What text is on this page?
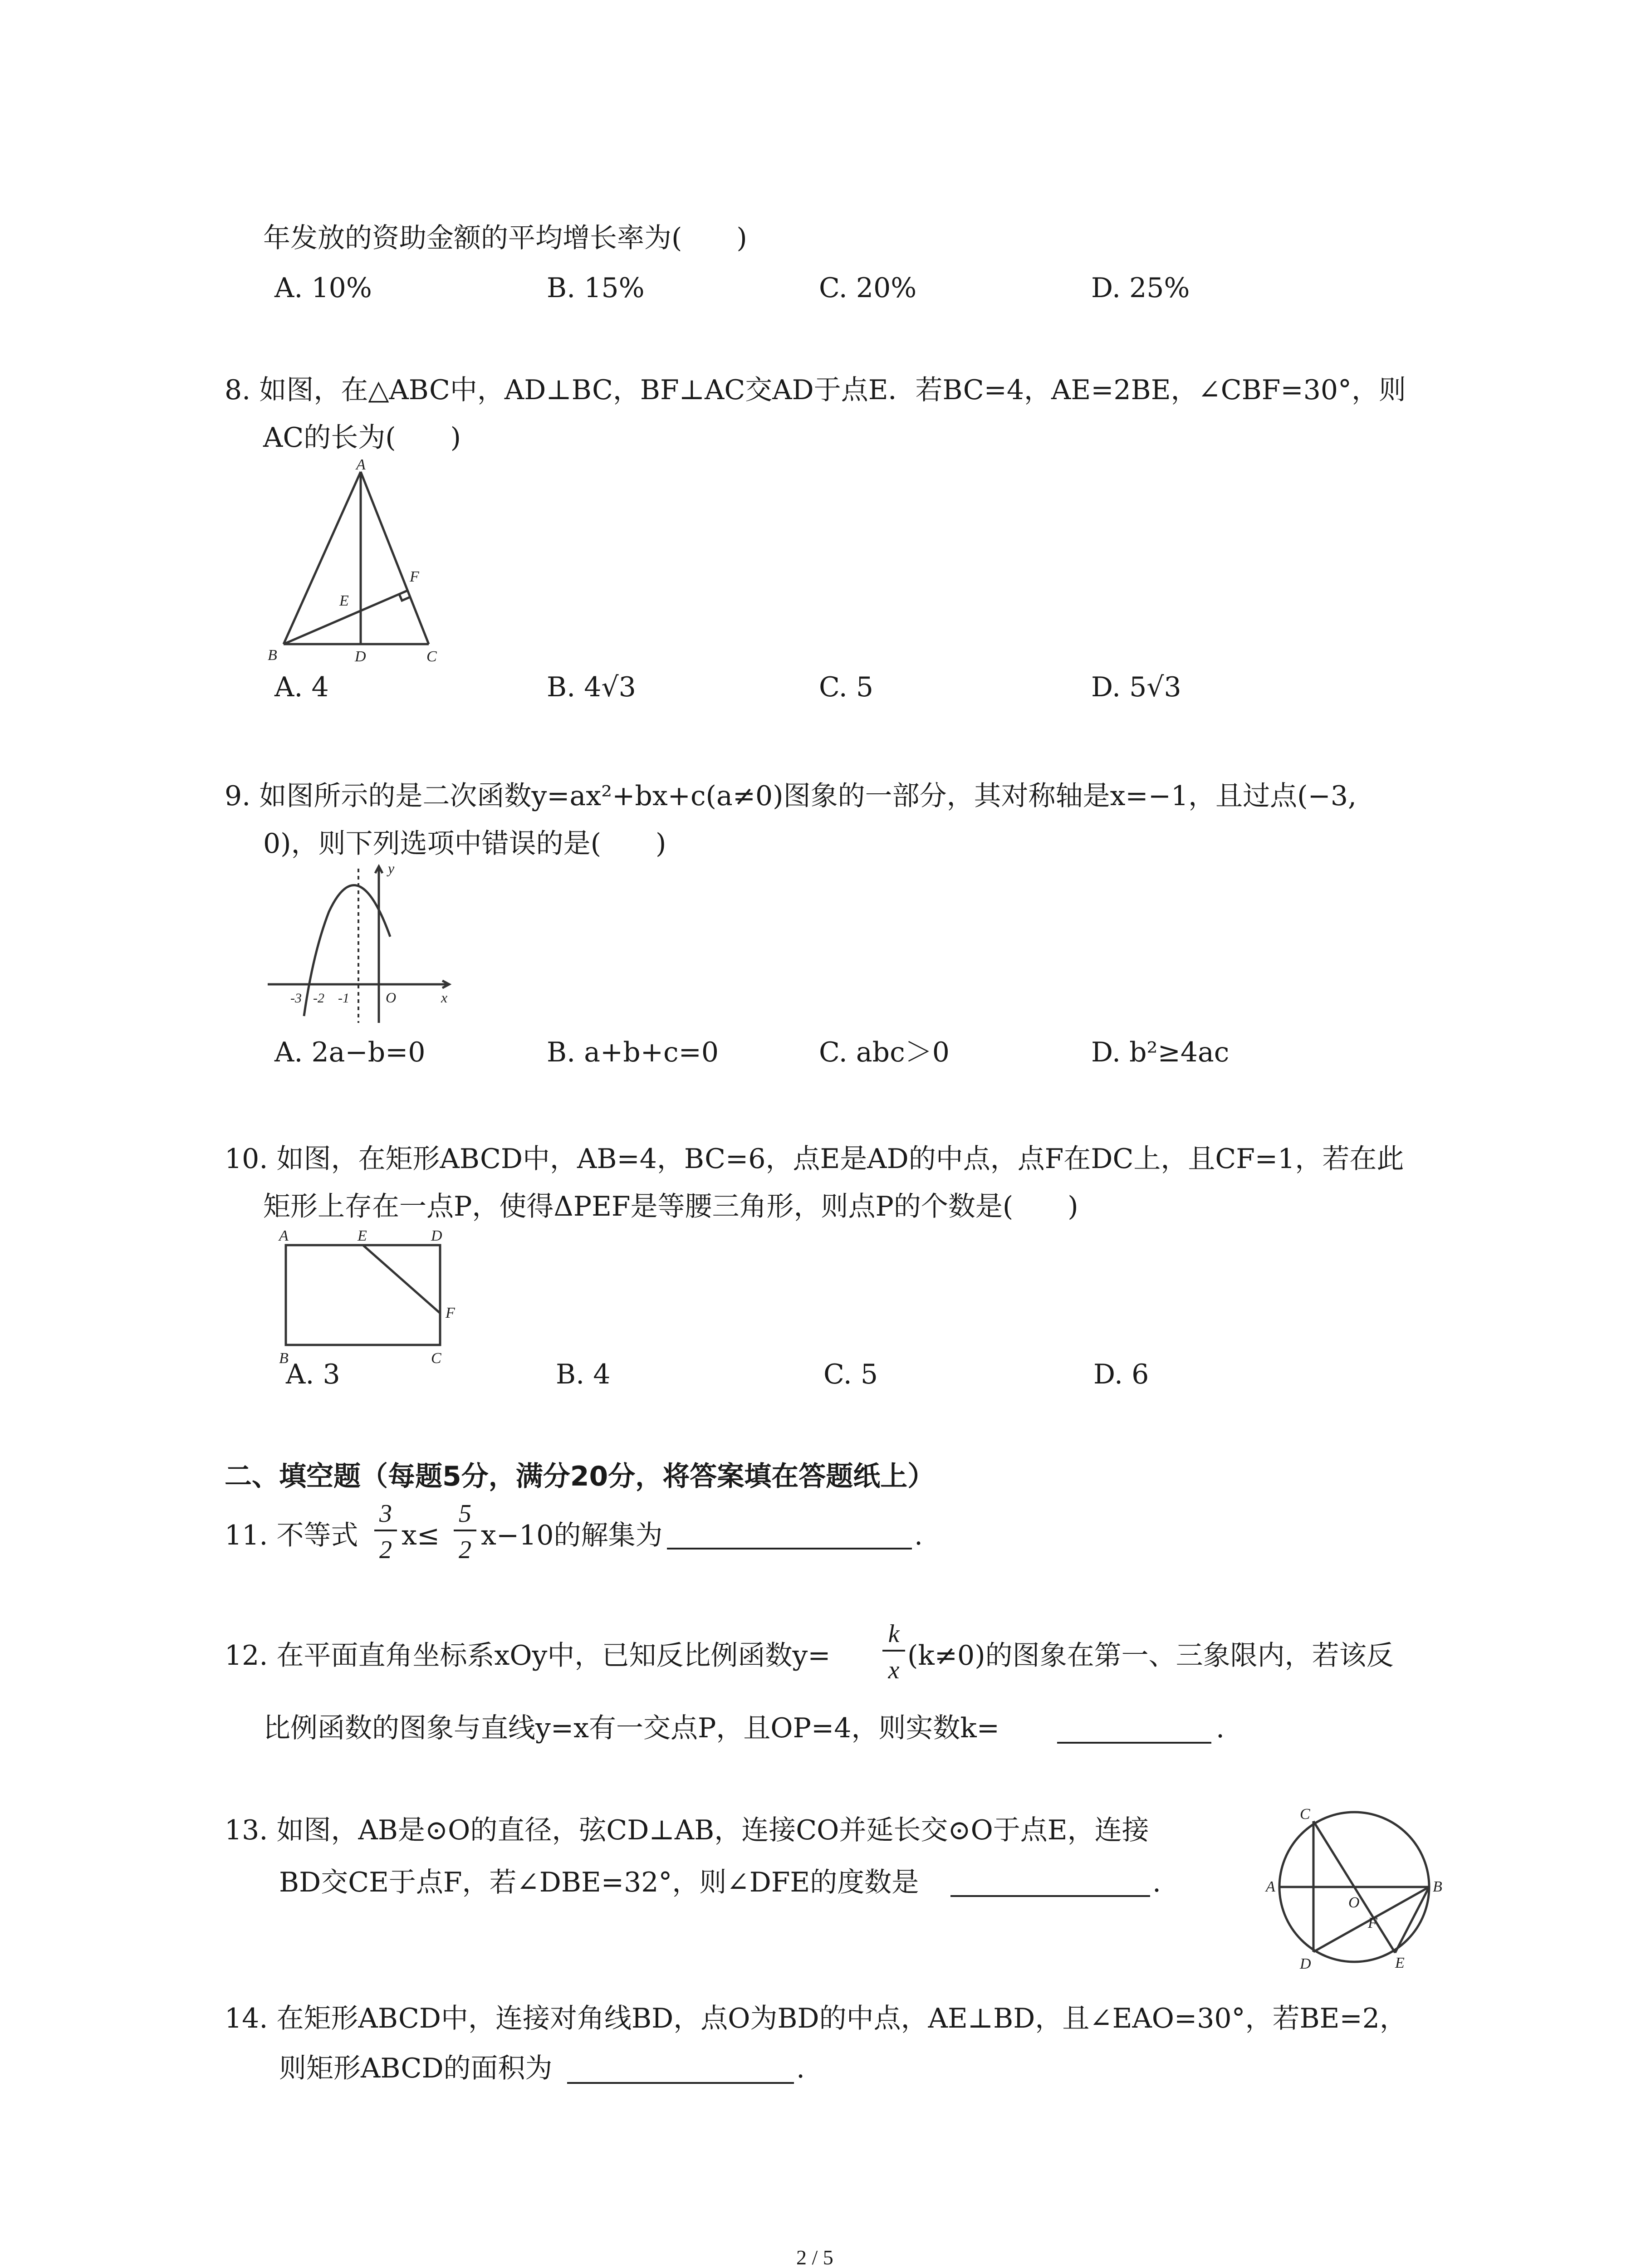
年发放的资助金额的平均增长率为(　　)
A. 10%	B. 15%	C. 20%	D. 25%
8. 如图，在△ABC中，AD⊥BC，BF⊥AC交AD于点E．若BC=4，AE=2BE，∠CBF=30°，则
AC的长为(　　)
A
B	D	C
E
F
A. 4	B. 4√3	C. 5	D. 5√3
9. 如图所示的是二次函数y=ax²+bx+c(a≠0)图象的一部分，其对称轴是x=−1，且过点(−3,
0)，则下列选项中错误的是(　　)
y
x
O
-3 -2 -1
A. 2a−b=0	B. a+b+c=0	C. abc＞0	D. b²≥4ac
10. 如图，在矩形ABCD中，AB=4，BC=6，点E是AD的中点，点F在DC上，且CF=1，若在此
矩形上存在一点P，使得ΔPEF是等腰三角形，则点P的个数是(　　)
A	E	D
F
B	C
A. 3	B. 4	C. 5	D. 6
二、填空题（每题5分，满分20分，将答案填在答题纸上）
11. 不等式
3
2 x≤
5
2 x−10的解集为	.
12. 在平面直角坐标系xOy中，已知反比例函数y=
k
x (k≠0)的图象在第一、三象限内，若该反
比例函数的图象与直线y=x有一交点P，且OP=4，则实数k=	.
13. 如图，AB是⊙O的直径，弦CD⊥AB，连接CO并延长交⊙O于点E，连接
BD交CE于点F，若∠DBE=32°，则∠DFE的度数是	.
C
A	B
O
F
D	E
14. 在矩形ABCD中，连接对角线BD，点O为BD的中点，AE⊥BD，且∠EAO=30°，若BE=2，
则矩形ABCD的面积为	.
2 / 5
